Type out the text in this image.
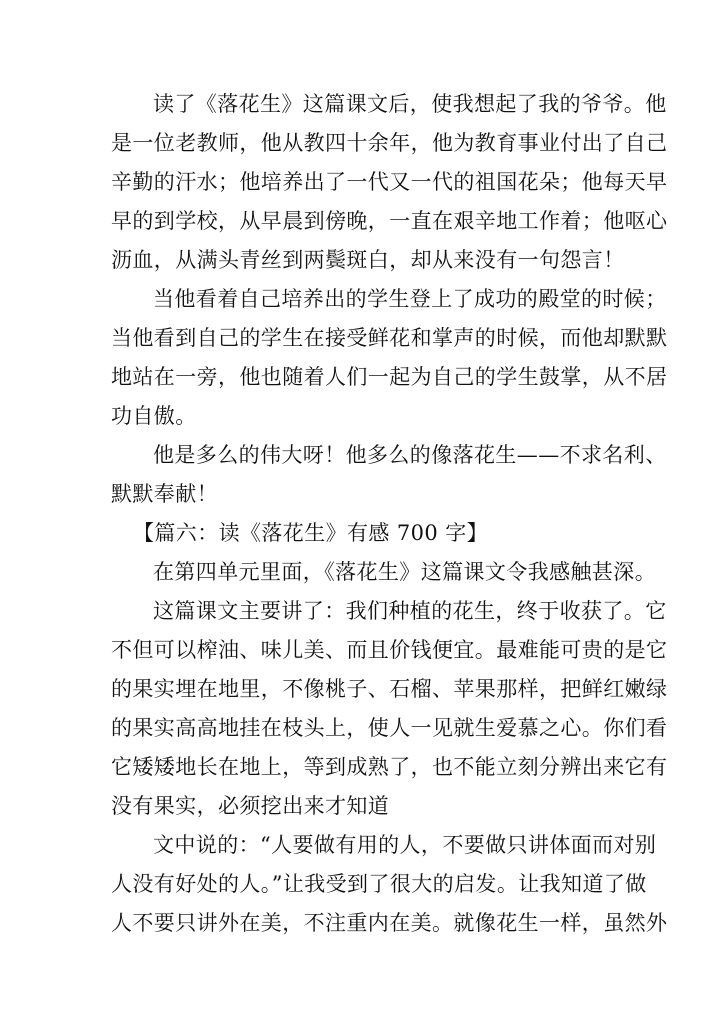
读了《落花生》这篇课文后，使我想起了我的爷爷。他
是一位老教师，他从教四十余年，他为教育事业付出了自己
辛勤的汗水；他培养出了一代又一代的祖国花朵；他每天早
早的到学校，从早晨到傍晚，一直在艰辛地工作着；他呕心
沥血，从满头青丝到两鬓斑白，却从来没有一句怨言！
当他看着自己培养出的学生登上了成功的殿堂的时候；
当他看到自己的学生在接受鲜花和掌声的时候，而他却默默
地站在一旁，他也随着人们一起为自己的学生鼓掌，从不居
功自傲。
他是多么的伟大呀！他多么的像落花生——不求名利、
默默奉献！
【篇六：读《落花生》有感 700 字】
在第四单元里面，《落花生》这篇课文令我感触甚深。
这篇课文主要讲了：我们种植的花生，终于收获了。它
不但可以榨油、味儿美、而且价钱便宜。最难能可贵的是它
的果实埋在地里，不像桃子、石榴、苹果那样，把鲜红嫩绿
的果实高高地挂在枝头上，使人一见就生爱慕之心。你们看
它矮矮地长在地上，等到成熟了，也不能立刻分辨出来它有
没有果实，必须挖出来才知道
文中说的：“人要做有用的人，不要做只讲体面而对别
人没有好处的人。”让我受到了很大的启发。让我知道了做
人不要只讲外在美，不注重内在美。就像花生一样，虽然外
